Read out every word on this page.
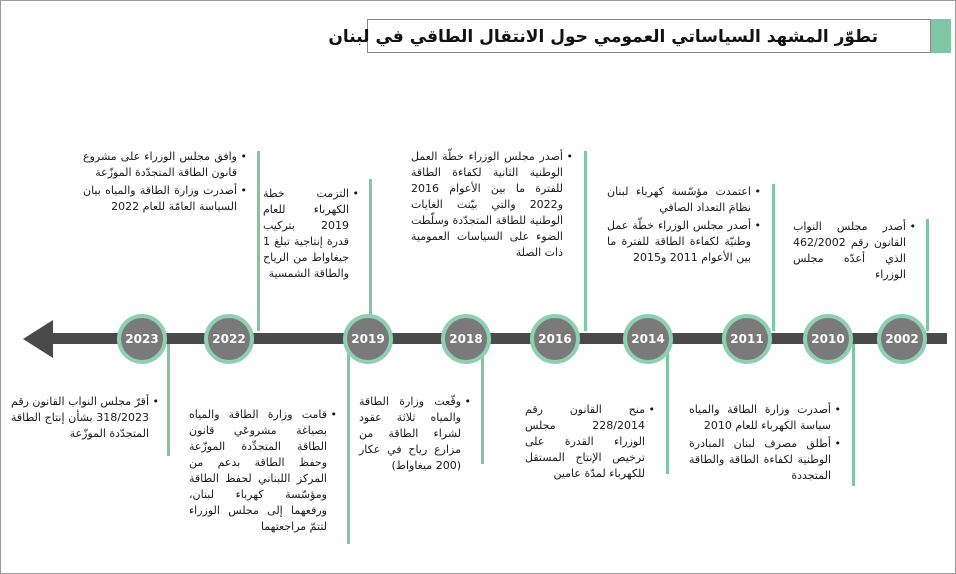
تطوّر المشهد السياساتي العمومي حول الانتقال الطاقي في لبنان
2023	2022	2019	2018	2016	2014	2011	2010	2002
• وافق مجلس الوزراء على مشروع قانون الطاقة المتجدّدة الموزّعة
• أصدرت وزارة الطاقة والمياه بيان السياسة العامّة للعام 2022
• التزمت خطة الكهرباء للعام 2019 بتركيب قدرة إنتاجية تبلغ 1 جيغاواط من الرياح والطاقة الشمسية
• أصدر مجلس الوزراء خطّة العمل الوطنية الثانية لكفاءة الطاقة للفترة ما بين الأعوام 2016 و2022 والتي بيّنت الغايات الوطنية للطاقة المتجدّدة وسلّطت الضوء على السياسات العمومية ذات الصلة
• اعتمدت مؤسّسة كهرباء لبنان نظامَ التعداد الصافي
• أصدر مجلس الوزراء خطّة عمل وطنيّة لكفاءة الطاقة للفترة ما بين الأعوام 2011 و2015
• أصدر مجلس النواب القانون رقم 462/2002 الذي أعدّه مجلس الوزراء
• أقرّ مجلس النواب القانون رقم 318/2023 بشأن إنتاج الطاقة المتجدّدة الموزّعة
• قامت وزارة الطاقة والمياه بصياغة مشروعَي قانون الطاقة المتجدِّدة الموزّعة وحفظ الطاقة بدعم من المركز اللبناني لحفظ الطاقة ومؤسّسة كهرباء لبنان، ورفعهما إلى مجلس الوزراء لتتمّ مراجعتهما
• وقّعت وزارة الطاقة والمياه ثلاثة عقود لشراء الطاقة من مزارع رياح في عكار (200 ميغاواط)
• منح القانون رقم 228/2014 مجلس الوزراء القدرة على ترخيص الإنتاج المستقل للكهرباء لمدّة عامين
• أصدرت وزارة الطاقة والمياه سياسة الكهرباء للعام 2010
• أطلق مصرف لبنان المبادرة الوطنية لكفاءة الطاقة والطاقة المتجددة
